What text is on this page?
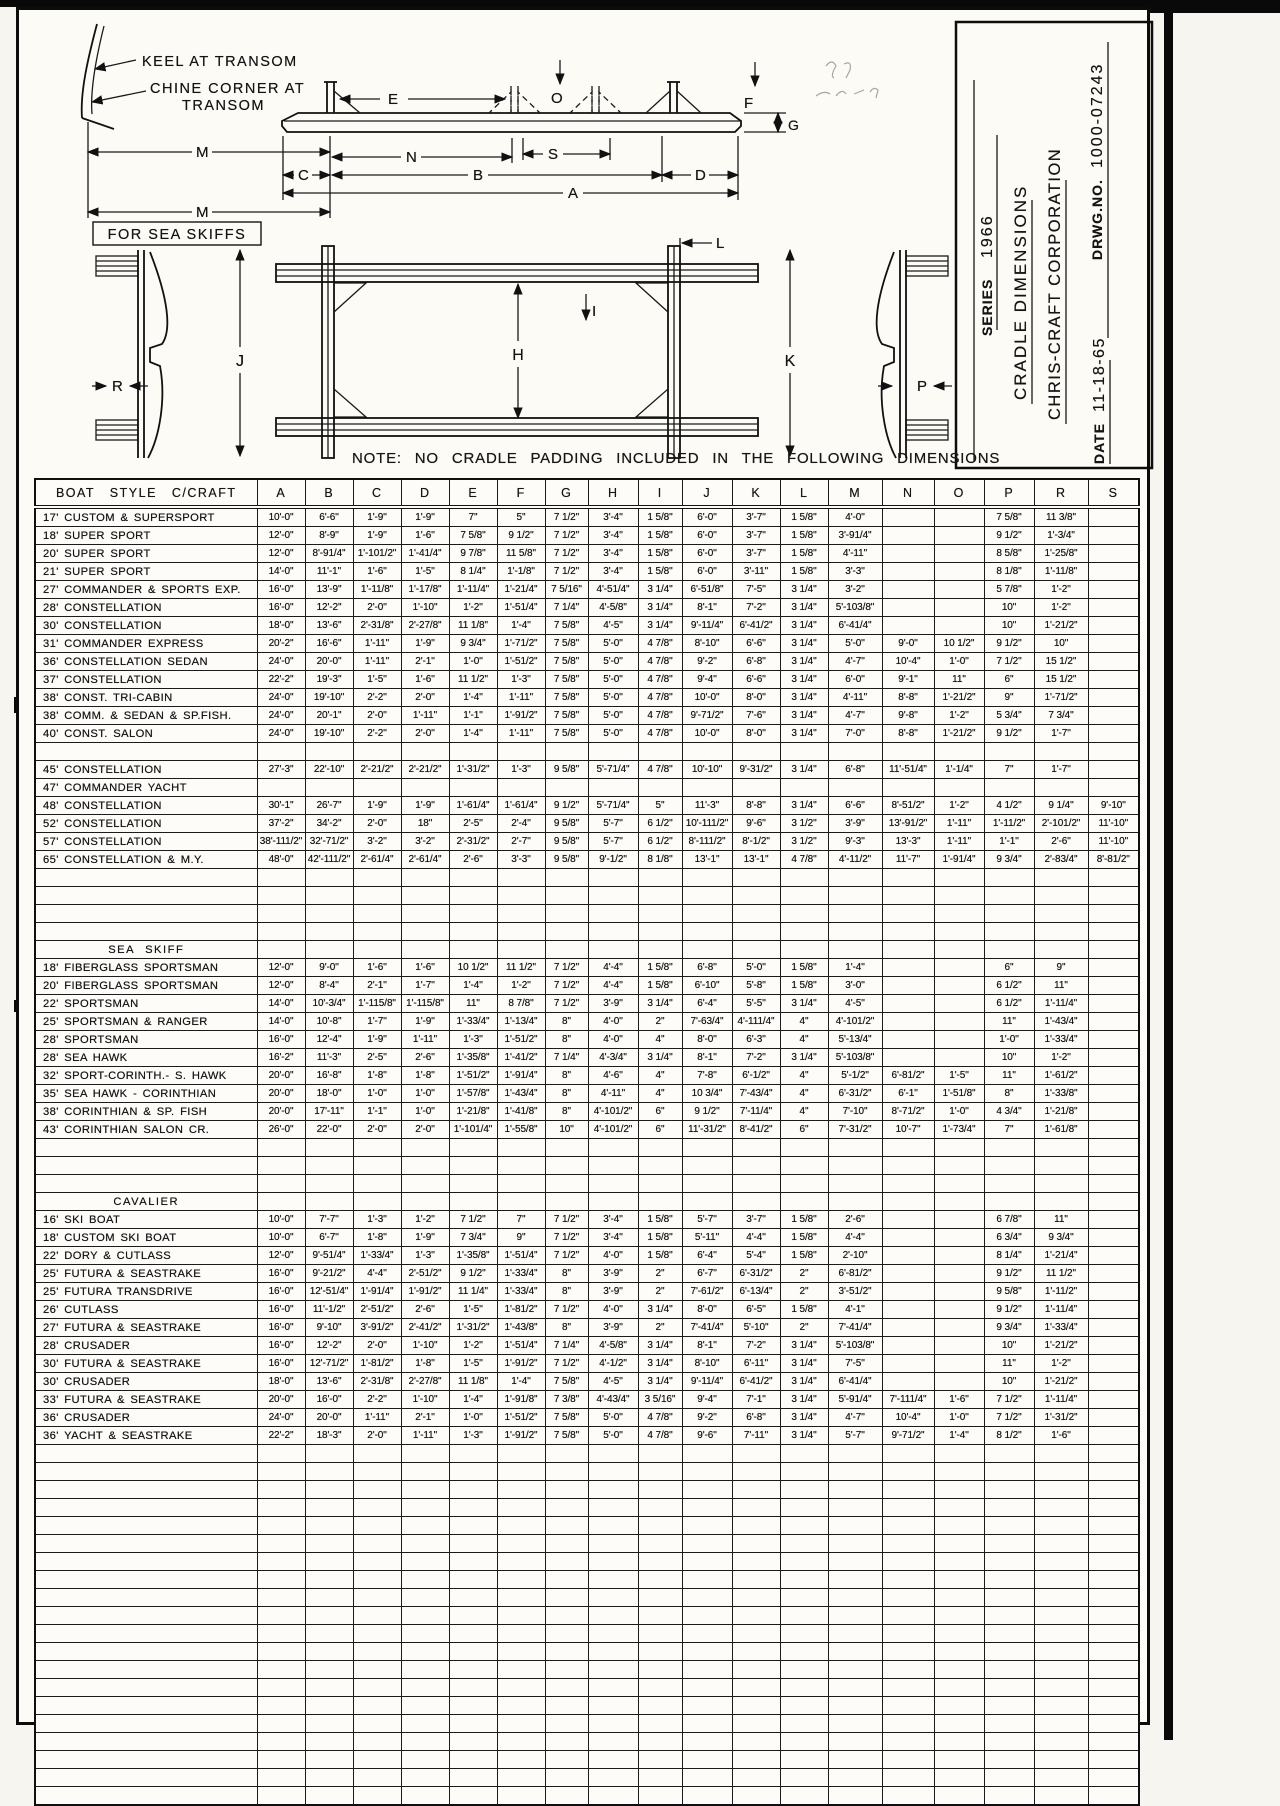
KEEL AT TRANSOM
CHINE CORNER AT
TRANSOM	E	O	F
G
M	N	S
C	B	D
A
M
FOR SEA SKIFFS	L
I
H
J	K
R	P
SERIES
1966 CRADLE DIMENSIONS CHRIS-CRAFT CORPORATION DRWG.NO.
1000-07243
DATE
11-18-65
NOTE: NO CRADLE PADDING INCLUDED IN THE FOLLOWING DIMENSIONS
BOAT STYLE C/CRAFT	A	B	C	D	E	F	G	H	I	J	K	L	M	N	O	P	R	S
17' CUSTOM & SUPERSPORT	10'-0"	6'-6"	1'-9"	1'-9"	7"	5"	7 1/2"	3'-4"	1 5/8"	6'-0"	3'-7"	1 5/8"	4'-0"			7 5/8"	11 3/8"	
18' SUPER SPORT	12'-0"	8'-9"	1'-9"	1'-6"	7 5/8"	9 1/2"	7 1/2"	3'-4"	1 5/8"	6'-0"	3'-7"	1 5/8"	3'-91/4"			9 1/2"	1'-3/4"	
20' SUPER SPORT	12'-0"	8'-91/4"	1'-101/2"	1'-41/4"	9 7/8"	11 5/8"	7 1/2"	3'-4"	1 5/8"	6'-0"	3'-7"	1 5/8"	4'-11"			8 5/8"	1'-25/8"	
21' SUPER SPORT	14'-0"	11'-1"	1'-6"	1'-5"	8 1/4"	1'-1/8"	7 1/2"	3'-4"	1 5/8"	6'-0"	3'-11"	1 5/8"	3'-3"			8 1/8"	1'-11/8"	
27' COMMANDER & SPORTS EXP.	16'-0"	13'-9"	1'-11/8"	1'-17/8"	1'-11/4"	1'-21/4"	7 5/16"	4'-51/4"	3 1/4"	6'-51/8"	7'-5"	3 1/4"	3'-2"			5 7/8"	1'-2"	
28' CONSTELLATION	16'-0"	12'-2"	2'-0"	1'-10"	1'-2"	1'-51/4"	7 1/4"	4'-5/8"	3 1/4"	8'-1"	7'-2"	3 1/4"	5'-103/8"			10"	1'-2"	
30' CONSTELLATION	18'-0"	13'-6"	2'-31/8"	2'-27/8"	11 1/8"	1'-4"	7 5/8"	4'-5"	3 1/4"	9'-11/4"	6'-41/2"	3 1/4"	6'-41/4"			10"	1'-21/2"	
31' COMMANDER EXPRESS	20'-2"	16'-6"	1'-11"	1'-9"	9 3/4"	1'-71/2"	7 5/8"	5'-0"	4 7/8"	8'-10"	6'-6"	3 1/4"	5'-0"	9'-0"	10 1/2"	9 1/2"	10"	
36' CONSTELLATION SEDAN	24'-0"	20'-0"	1'-11"	2'-1"	1'-0"	1'-51/2"	7 5/8"	5'-0"	4 7/8"	9'-2"	6'-8"	3 1/4"	4'-7"	10'-4"	1'-0"	7 1/2"	15 1/2"	
37' CONSTELLATION	22'-2"	19'-3"	1'-5"	1'-6"	11 1/2"	1'-3"	7 5/8"	5'-0"	4 7/8"	9'-4"	6'-6"	3 1/4"	6'-0"	9'-1"	11"	6"	15 1/2"	
38' CONST. TRI-CABIN	24'-0"	19'-10"	2'-2"	2'-0"	1'-4"	1'-11"	7 5/8"	5'-0"	4 7/8"	10'-0"	8'-0"	3 1/4"	4'-11"	8'-8"	1'-21/2"	9"	1'-71/2"	
38' COMM. & SEDAN & SP.FISH.	24'-0"	20'-1"	2'-0"	1'-11"	1'-1"	1'-91/2"	7 5/8"	5'-0"	4 7/8"	9'-71/2"	7'-6"	3 1/4"	4'-7"	9'-8"	1'-2"	5 3/4"	7 3/4"	
40' CONST. SALON	24'-0"	19'-10"	2'-2"	2'-0"	1'-4"	1'-11"	7 5/8"	5'-0"	4 7/8"	10'-0"	8'-0"	3 1/4"	7'-0"	8'-8"	1'-21/2"	9 1/2"	1'-7"	

45' CONSTELLATION	27'-3"	22'-10"	2'-21/2"	2'-21/2"	1'-31/2"	1'-3"	9 5/8"	5'-71/4"	4 7/8"	10'-10"	9'-31/2"	3 1/4"	6'-8"	11'-51/4"	1'-1/4"	7"	1'-7"	
47' COMMANDER YACHT																		
48' CONSTELLATION	30'-1"	26'-7"	1'-9"	1'-9"	1'-61/4"	1'-61/4"	9 1/2"	5'-71/4"	5"	11'-3"	8'-8"	3 1/4"	6'-6"	8'-51/2"	1'-2"	4 1/2"	9 1/4"	9'-10"
52' CONSTELLATION	37'-2"	34'-2"	2'-0"	18"	2'-5"	2'-4"	9 5/8"	5'-7"	6 1/2"	10'-111/2"	9'-6"	3 1/2"	3'-9"	13'-91/2"	1'-11"	1'-11/2"	2'-101/2"	11'-10"
57' CONSTELLATION	38'-111/2"	32'-71/2"	3'-2"	3'-2"	2'-31/2"	2'-7"	9 5/8"	5'-7"	6 1/2"	8'-111/2"	8'-1/2"	3 1/2"	9'-3"	13'-3"	1'-11"	1'-1"	2'-6"	11'-10"
65' CONSTELLATION & M.Y.	48'-0"	42'-111/2"	2'-61/4"	2'-61/4"	2'-6"	3'-3"	9 5/8"	9'-1/2"	8 1/8"	13'-1"	13'-1"	4 7/8"	4'-11/2"	11'-7"	1'-91/4"	9 3/4"	2'-83/4"	8'-81/2"

SEA SKIFF																		
18' FIBERGLASS SPORTSMAN	12'-0"	9'-0"	1'-6"	1'-6"	10 1/2"	11 1/2"	7 1/2"	4'-4"	1 5/8"	6'-8"	5'-0"	1 5/8"	1'-4"			6"	9"	
20' FIBERGLASS SPORTSMAN	12'-0"	8'-4"	2'-1"	1'-7"	1'-4"	1'-2"	7 1/2"	4'-4"	1 5/8"	6'-10"	5'-8"	1 5/8"	3'-0"			6 1/2"	11"	
22' SPORTSMAN	14'-0"	10'-3/4"	1'-115/8"	1'-115/8"	11"	8 7/8"	7 1/2"	3'-9"	3 1/4"	6'-4"	5'-5"	3 1/4"	4'-5"			6 1/2"	1'-11/4"	
25' SPORTSMAN & RANGER	14'-0"	10'-8"	1'-7"	1'-9"	1'-33/4"	1'-13/4"	8"	4'-0"	2"	7'-63/4"	4'-111/4"	4"	4'-101/2"			11"	1'-43/4"	
28' SPORTSMAN	16'-0"	12'-4"	1'-9"	1'-11"	1'-3"	1'-51/2"	8"	4'-0"	4"	8'-0"	6'-3"	4"	5'-13/4"			1'-0"	1'-33/4"	
28' SEA HAWK	16'-2"	11'-3"	2'-5"	2'-6"	1'-35/8"	1'-41/2"	7 1/4"	4'-3/4"	3 1/4"	8'-1"	7'-2"	3 1/4"	5'-103/8"			10"	1'-2"	
32' SPORT-CORINTH.- S. HAWK	20'-0"	16'-8"	1'-8"	1'-8"	1'-51/2"	1'-91/4"	8"	4'-6"	4"	7'-8"	6'-1/2"	4"	5'-1/2"	6'-81/2"	1'-5"	11"	1'-61/2"	
35' SEA HAWK - CORINTHIAN	20'-0"	18'-0"	1'-0"	1'-0"	1'-57/8"	1'-43/4"	8"	4'-11"	4"	10 3/4"	7'-43/4"	4"	6'-31/2"	6'-1"	1'-51/8"	8"	1'-33/8"	
38' CORINTHIAN & SP. FISH	20'-0"	17'-11"	1'-1"	1'-0"	1'-21/8"	1'-41/8"	8"	4'-101/2"	6"	9 1/2"	7'-11/4"	4"	7'-10"	8'-71/2"	1'-0"	4 3/4"	1'-21/8"	
43' CORINTHIAN SALON CR.	26'-0"	22'-0"	2'-0"	2'-0"	1'-101/4"	1'-55/8"	10"	4'-101/2"	6"	11'-31/2"	8'-41/2"	6"	7'-31/2"	10'-7"	1'-73/4"	7"	1'-61/8"	

CAVALIER																		
16' SKI BOAT	10'-0"	7'-7"	1'-3"	1'-2"	7 1/2"	7"	7 1/2"	3'-4"	1 5/8"	5'-7"	3'-7"	1 5/8"	2'-6"			6 7/8"	11"	
18' CUSTOM SKI BOAT	10'-0"	6'-7"	1'-8"	1'-9"	7 3/4"	9"	7 1/2"	3'-4"	1 5/8"	5'-11"	4'-4"	1 5/8"	4'-4"			6 3/4"	9 3/4"	
22' DORY & CUTLASS	12'-0"	9'-51/4"	1'-33/4"	1'-3"	1'-35/8"	1'-51/4"	7 1/2"	4'-0"	1 5/8"	6'-4"	5'-4"	1 5/8"	2'-10"			8 1/4"	1'-21/4"	
25' FUTURA & SEASTRAKE	16'-0"	9'-21/2"	4'-4"	2'-51/2"	9 1/2"	1'-33/4"	8"	3'-9"	2"	6'-7"	6'-31/2"	2"	6'-81/2"			9 1/2"	11 1/2"	
25' FUTURA TRANSDRIVE	16'-0"	12'-51/4"	1'-91/4"	1'-91/2"	11 1/4"	1'-33/4"	8"	3'-9"	2"	7'-61/2"	6'-13/4"	2"	3'-51/2"			9 5/8"	1'-11/2"	
26' CUTLASS	16'-0"	11'-1/2"	2'-51/2"	2'-6"	1'-5"	1'-81/2"	7 1/2"	4'-0"	3 1/4"	8'-0"	6'-5"	1 5/8"	4'-1"			9 1/2"	1'-11/4"	
27' FUTURA & SEASTRAKE	16'-0"	9'-10"	3'-91/2"	2'-41/2"	1'-31/2"	1'-43/8"	8"	3'-9"	2"	7'-41/4"	5'-10"	2"	7'-41/4"			9 3/4"	1'-33/4"	
28' CRUSADER	16'-0"	12'-2"	2'-0"	1'-10"	1'-2"	1'-51/4"	7 1/4"	4'-5/8"	3 1/4"	8'-1"	7'-2"	3 1/4"	5'-103/8"			10"	1'-21/2"	
30' FUTURA & SEASTRAKE	16'-0"	12'-71/2"	1'-81/2"	1'-8"	1'-5"	1'-91/2"	7 1/2"	4'-1/2"	3 1/4"	8'-10"	6'-11"	3 1/4"	7'-5"			11"	1'-2"	
30' CRUSADER	18'-0"	13'-6"	2'-31/8"	2'-27/8"	11 1/8"	1'-4"	7 5/8"	4'-5"	3 1/4"	9'-11/4"	6'-41/2"	3 1/4"	6'-41/4"			10"	1'-21/2"	
33' FUTURA & SEASTRAKE	20'-0"	16'-0"	2'-2"	1'-10"	1'-4"	1'-91/8"	7 3/8"	4'-43/4"	3 5/16"	9'-4"	7'-1"	3 1/4"	5'-91/4"	7'-111/4"	1'-6"	7 1/2"	1'-11/4"	
36' CRUSADER	24'-0"	20'-0"	1'-11"	2'-1"	1'-0"	1'-51/2"	7 5/8"	5'-0"	4 7/8"	9'-2"	6'-8"	3 1/4"	4'-7"	10'-4"	1'-0"	7 1/2"	1'-31/2"	
36' YACHT & SEASTRAKE	22'-2"	18'-3"	2'-0"	1'-11"	1'-3"	1'-91/2"	7 5/8"	5'-0"	4 7/8"	9'-6"	7'-11"	3 1/4"	5'-7"	9'-71/2"	1'-4"	8 1/2"	1'-6"	
